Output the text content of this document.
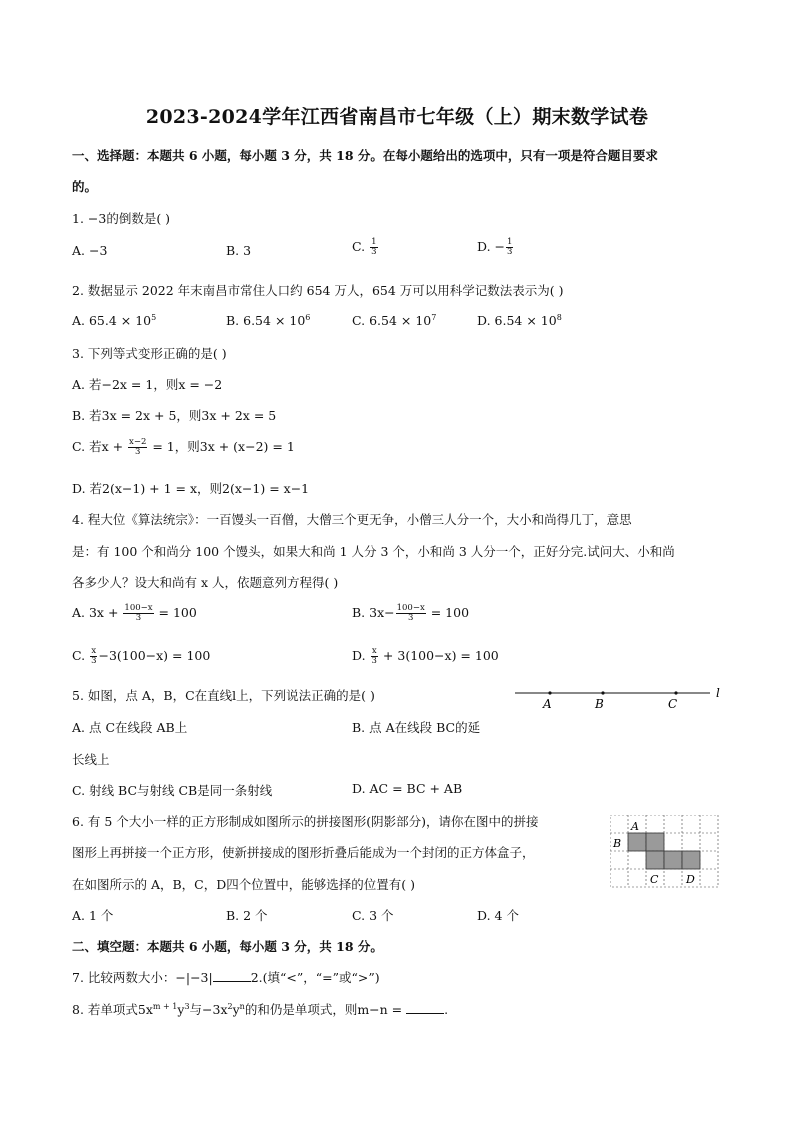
2023-2024学年江西省南昌市七年级（上）期末数学试卷
一、选择题：本题共 6 小题，每小题 3 分，共 18 分。在每小题给出的选项中，只有一项是符合题目要求
的。
1. −3的倒数是( )
A. −3	B. 3	C. $\frac{1}{3}$	D. − $\frac{1}{3}$
2. 数据显示 2022 年末南昌市常住人口约 654 万人，654 万可以用科学记数法表示为( )
A. $65.4 \times 10^5$	B. $6.54 \times 10^6$	C. $6.54 \times 10^7$	D. $6.54 \times 10^8$
3. 下列等式变形正确的是( )
A. 若−2x = 1，则x = −2
B. 若3x = 2x + 5，则3x + 2x = 5
C. 若$x + \frac{x-2}{3} = 1$，则3x + (x−2) = 1
D. 若2(x−1) + 1 = x，则2(x−1) = x−1
4. 程大位《算法统宗》：一百馒头一百僧，大僧三个更无争，小僧三人分一个，大小和尚得几丁，意思
是：有 100 个和尚分 100 个馒头，如果大和尚 1 人分 3 个，小和尚 3 人分一个，正好分完.试问大、小和尚
各多少人？设大和尚有 x 人，依题意列方程得( )
A. $3x + \frac{100-x}{3} = 100$	B. $3x- \frac{100-x}{3} = 100$
C. $\frac{x}{3} -3(100-x) = 100$	D. $\frac{x}{3} + 3(100-x) = 100$
5. 如图，点 A，B，C在直线l上，下列说法正确的是( )
A	B	C
l
A. 点 C在线段 AB上	B. 点 A在线段 BC的延
长线上
C. 射线 BC与射线 CB是同一条射线	D. AC = BC + AB
6. 有 5 个大小一样的正方形制成如图所示的拼接图形(阴影部分)，请你在图中的拼接
图形上再拼接一个正方形，使新拼接成的图形折叠后能成为一个封闭的正方体盒子，
在如图所示的 A，B，C，D四个位置中，能够选择的位置有( )
A
B
C	D
A. 1 个	B. 2 个	C. 3 个	D. 4 个
二、填空题：本题共 6 小题，每小题 3 分，共 18 分。
7. 比较两数大小：−|−3|	2.(填“<”，“=”或“>”)
8. 若单项式$5x^{m + 1}y^3$与$-3x^2y^n$的和仍是单项式，则m−n =	.
